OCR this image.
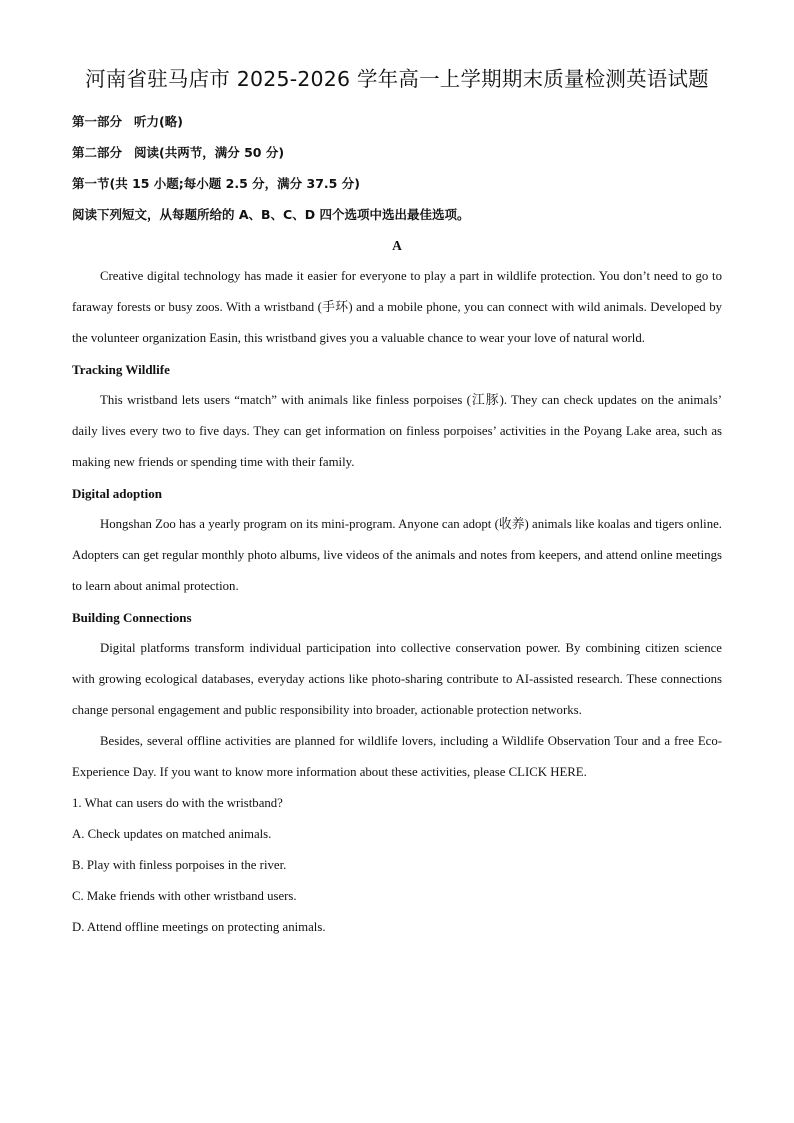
河南省驻马店市 2025-2026 学年高一上学期期末质量检测英语试题
第一部分 听力(略)
第二部分 阅读(共两节，满分 50 分)
第一节(共 15 小题;每小题 2.5 分，满分 37.5 分)
阅读下列短文，从每题所给的 A、B、C、D 四个选项中选出最佳选项。
A

Creative digital technology has made it easier for everyone to play a part in wildlife protection. You don’t need to go to faraway forests or busy zoos. With a wristband (手环) and a mobile phone, you can connect with wild animals. Developed by the volunteer organization Easin, this wristband gives you a valuable chance to wear your love of natural world.

Tracking Wildlife

This wristband lets users “match” with animals like finless porpoises (江豚). They can check updates on the animals’ daily lives every two to five days. They can get information on finless porpoises’ activities in the Poyang Lake area, such as making new friends or spending time with their family.

Digital adoption

Hongshan Zoo has a yearly program on its mini-program. Anyone can adopt (收养) animals like koalas and tigers online. Adopters can get regular monthly photo albums, live videos of the animals and notes from keepers, and attend online meetings to learn about animal protection.

Building Connections

Digital platforms transform individual participation into collective conservation power. By combining citizen science with growing ecological databases, everyday actions like photo-sharing contribute to AI-assisted research. These connections change personal engagement and public responsibility into broader, actionable protection networks.

Besides, several offline activities are planned for wildlife lovers, including a Wildlife Observation Tour and a free Eco-Experience Day. If you want to know more information about these activities, please CLICK HERE.

1. What can users do with the wristband?
A. Check updates on matched animals.
B. Play with finless porpoises in the river.
C. Make friends with other wristband users.
D. Attend offline meetings on protecting animals.
